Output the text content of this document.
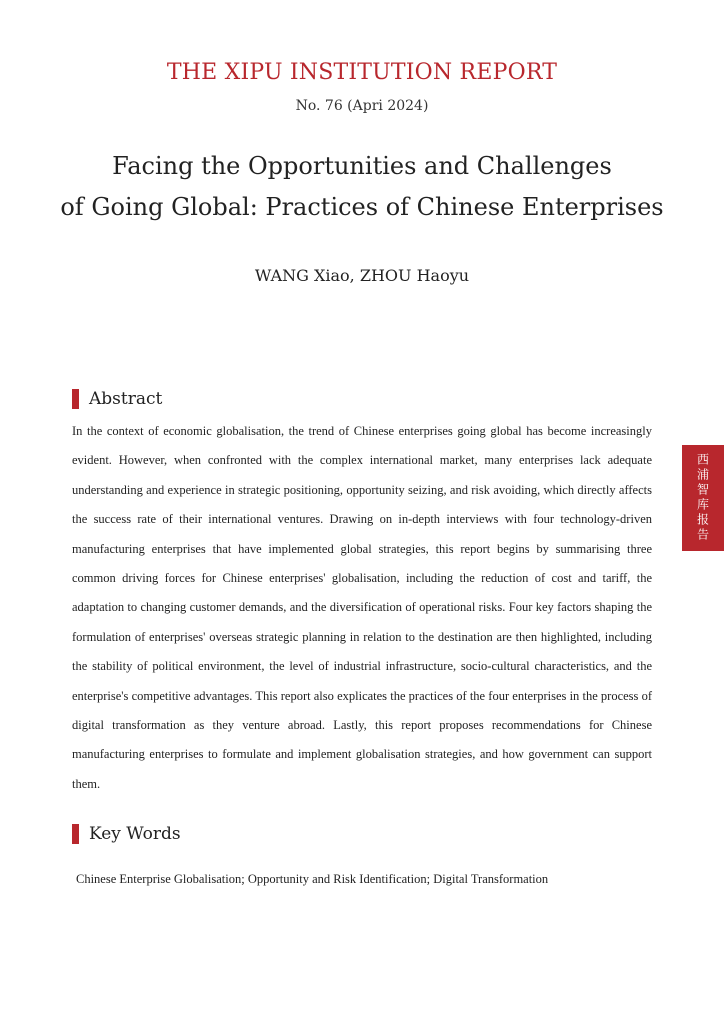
THE XIPU INSTITUTION REPORT
No. 76 (Apri 2024)
Facing the Opportunities and Challenges
of Going Global: Practices of Chinese Enterprises
WANG Xiao, ZHOU Haoyu
Abstract

In the context of economic globalisation, the trend of Chinese enterprises going global has become increasingly evident. However, when confronted with the complex international market, many enterprises lack adequate understanding and experience in strategic positioning, opportunity seizing, and risk avoiding, which directly affects the success rate of their international ventures. Drawing on in-depth interviews with four technology-driven manufacturing enterprises that have implemented global strategies, this report begins by summarising three common driving forces for Chinese enterprises' globalisation, including the reduction of cost and tariff, the adaptation to changing customer demands, and the diversification of operational risks. Four key factors shaping the formulation of enterprises' overseas strategic planning in relation to the destination are then highlighted, including the stability of political environment, the level of industrial infrastructure, socio-cultural characteristics, and the enterprise's competitive advantages. This report also explicates the practices of the four enterprises in the process of digital transformation as they venture abroad. Lastly, this report proposes recommendations for Chinese manufacturing enterprises to formulate and implement globalisation strategies, and how government can support them.

Key Words

Chinese Enterprise Globalisation; Opportunity and Risk Identification; Digital Transformation

西浦智库报告
